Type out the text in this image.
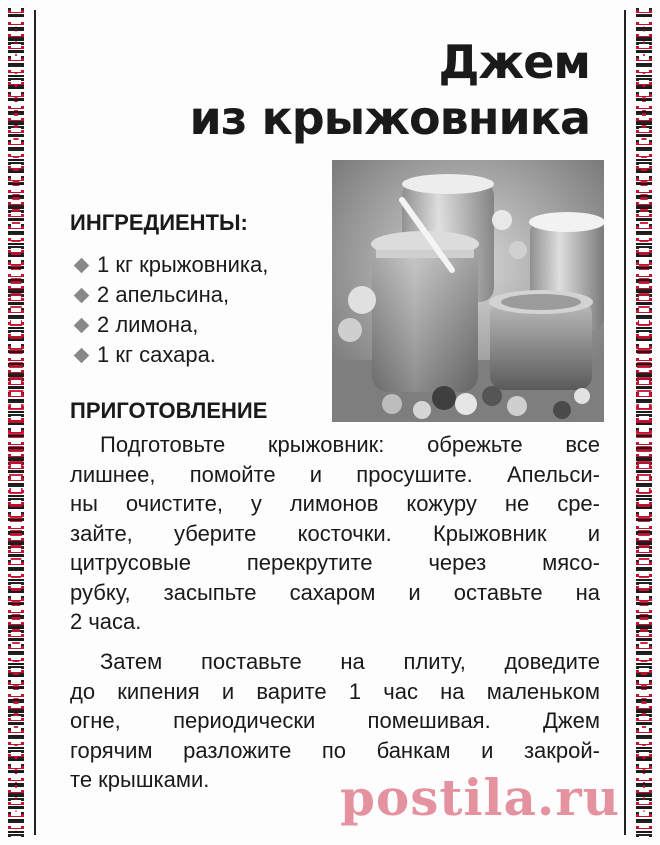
Джем
из крыжовника
ИНГРЕДИЕНТЫ:
1 кг крыжовника,
2 апельсина,
2 лимона,
1 кг сахара.
ПРИГОТОВЛЕНИЕ

Подготовьте крыжовник: обрежьте все
лишнее, помойте и просушите. Апельси-
ны очистите, у лимонов кожуру не сре-
зайте, уберите косточки. Крыжовник и
цитрусовые перекрутите через мясо-
рубку, засыпьте сахаром и оставьте на
2 часа.

Затем поставьте на плиту, доведите
до кипения и варите 1 час на маленьком
огне, периодически помешивая. Джем
горячим разложите по банкам и закрой-
те крышками.	postila.ru
